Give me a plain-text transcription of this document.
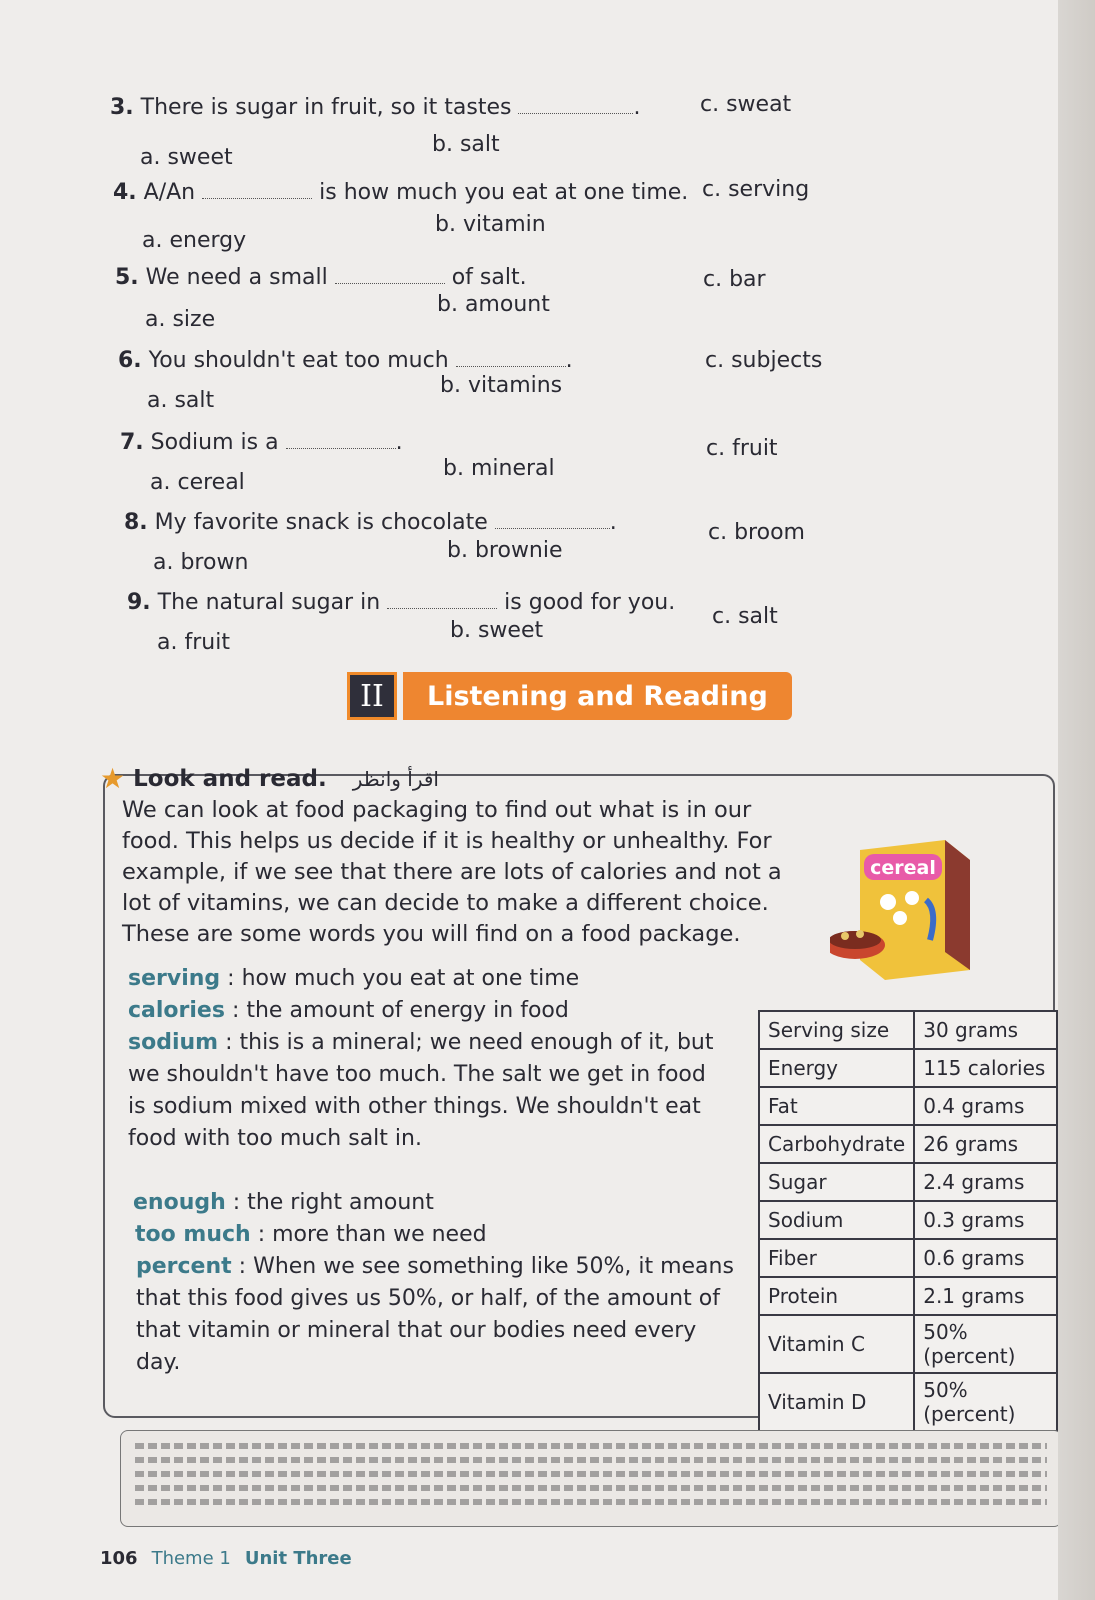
3. There is sugar in fruit, so it tastes	.
a. sweet
b. salt
c. sweat
4. A/An	is how much you eat at one time.
a. energy
b. vitamin
c. serving
5. We need a small	of salt.
a. size
b. amount
c. bar
6. You shouldn't eat too much	.
a. salt
b. vitamins
c. subjects
7. Sodium is a	.
a. cereal
b. mineral
c. fruit
8. My favorite snack is chocolate	.
a. brown	b. brownie
c. broom
9. The natural sugar in	is good for you.
a. fruit	b. sweet
c. salt
II	Listening and Reading
★ Look and read. اقرأ وانظر
We can look at food packaging to find out what is in our food. This helps us decide if it is healthy or unhealthy. For example, if we see that there are lots of calories and not a lot of vitamins, we can decide to make a different choice. These are some words you will find on a food package.
serving : how much you eat at one time
calories : the amount of energy in food
sodium : this is a mineral; we need enough of it, but we shouldn't have too much. The salt we get in food is sodium mixed with other things. We shouldn't eat food with too much salt in.
enough : the right amount
too much : more than we need
percent : When we see something like 50%, it means that this food gives us 50%, or half, of the amount of that vitamin or mineral that our bodies need every day.
cereal
Serving size	30 grams
Energy	115 calories
Fat	0.4 grams
Carbohydrate	26 grams
Sugar	2.4 grams
Sodium	0.3 grams
Fiber	0.6 grams
Protein	2.1 grams
Vitamin C	50% (percent)
Vitamin D	50% (percent)
106 Theme 1 Unit Three
